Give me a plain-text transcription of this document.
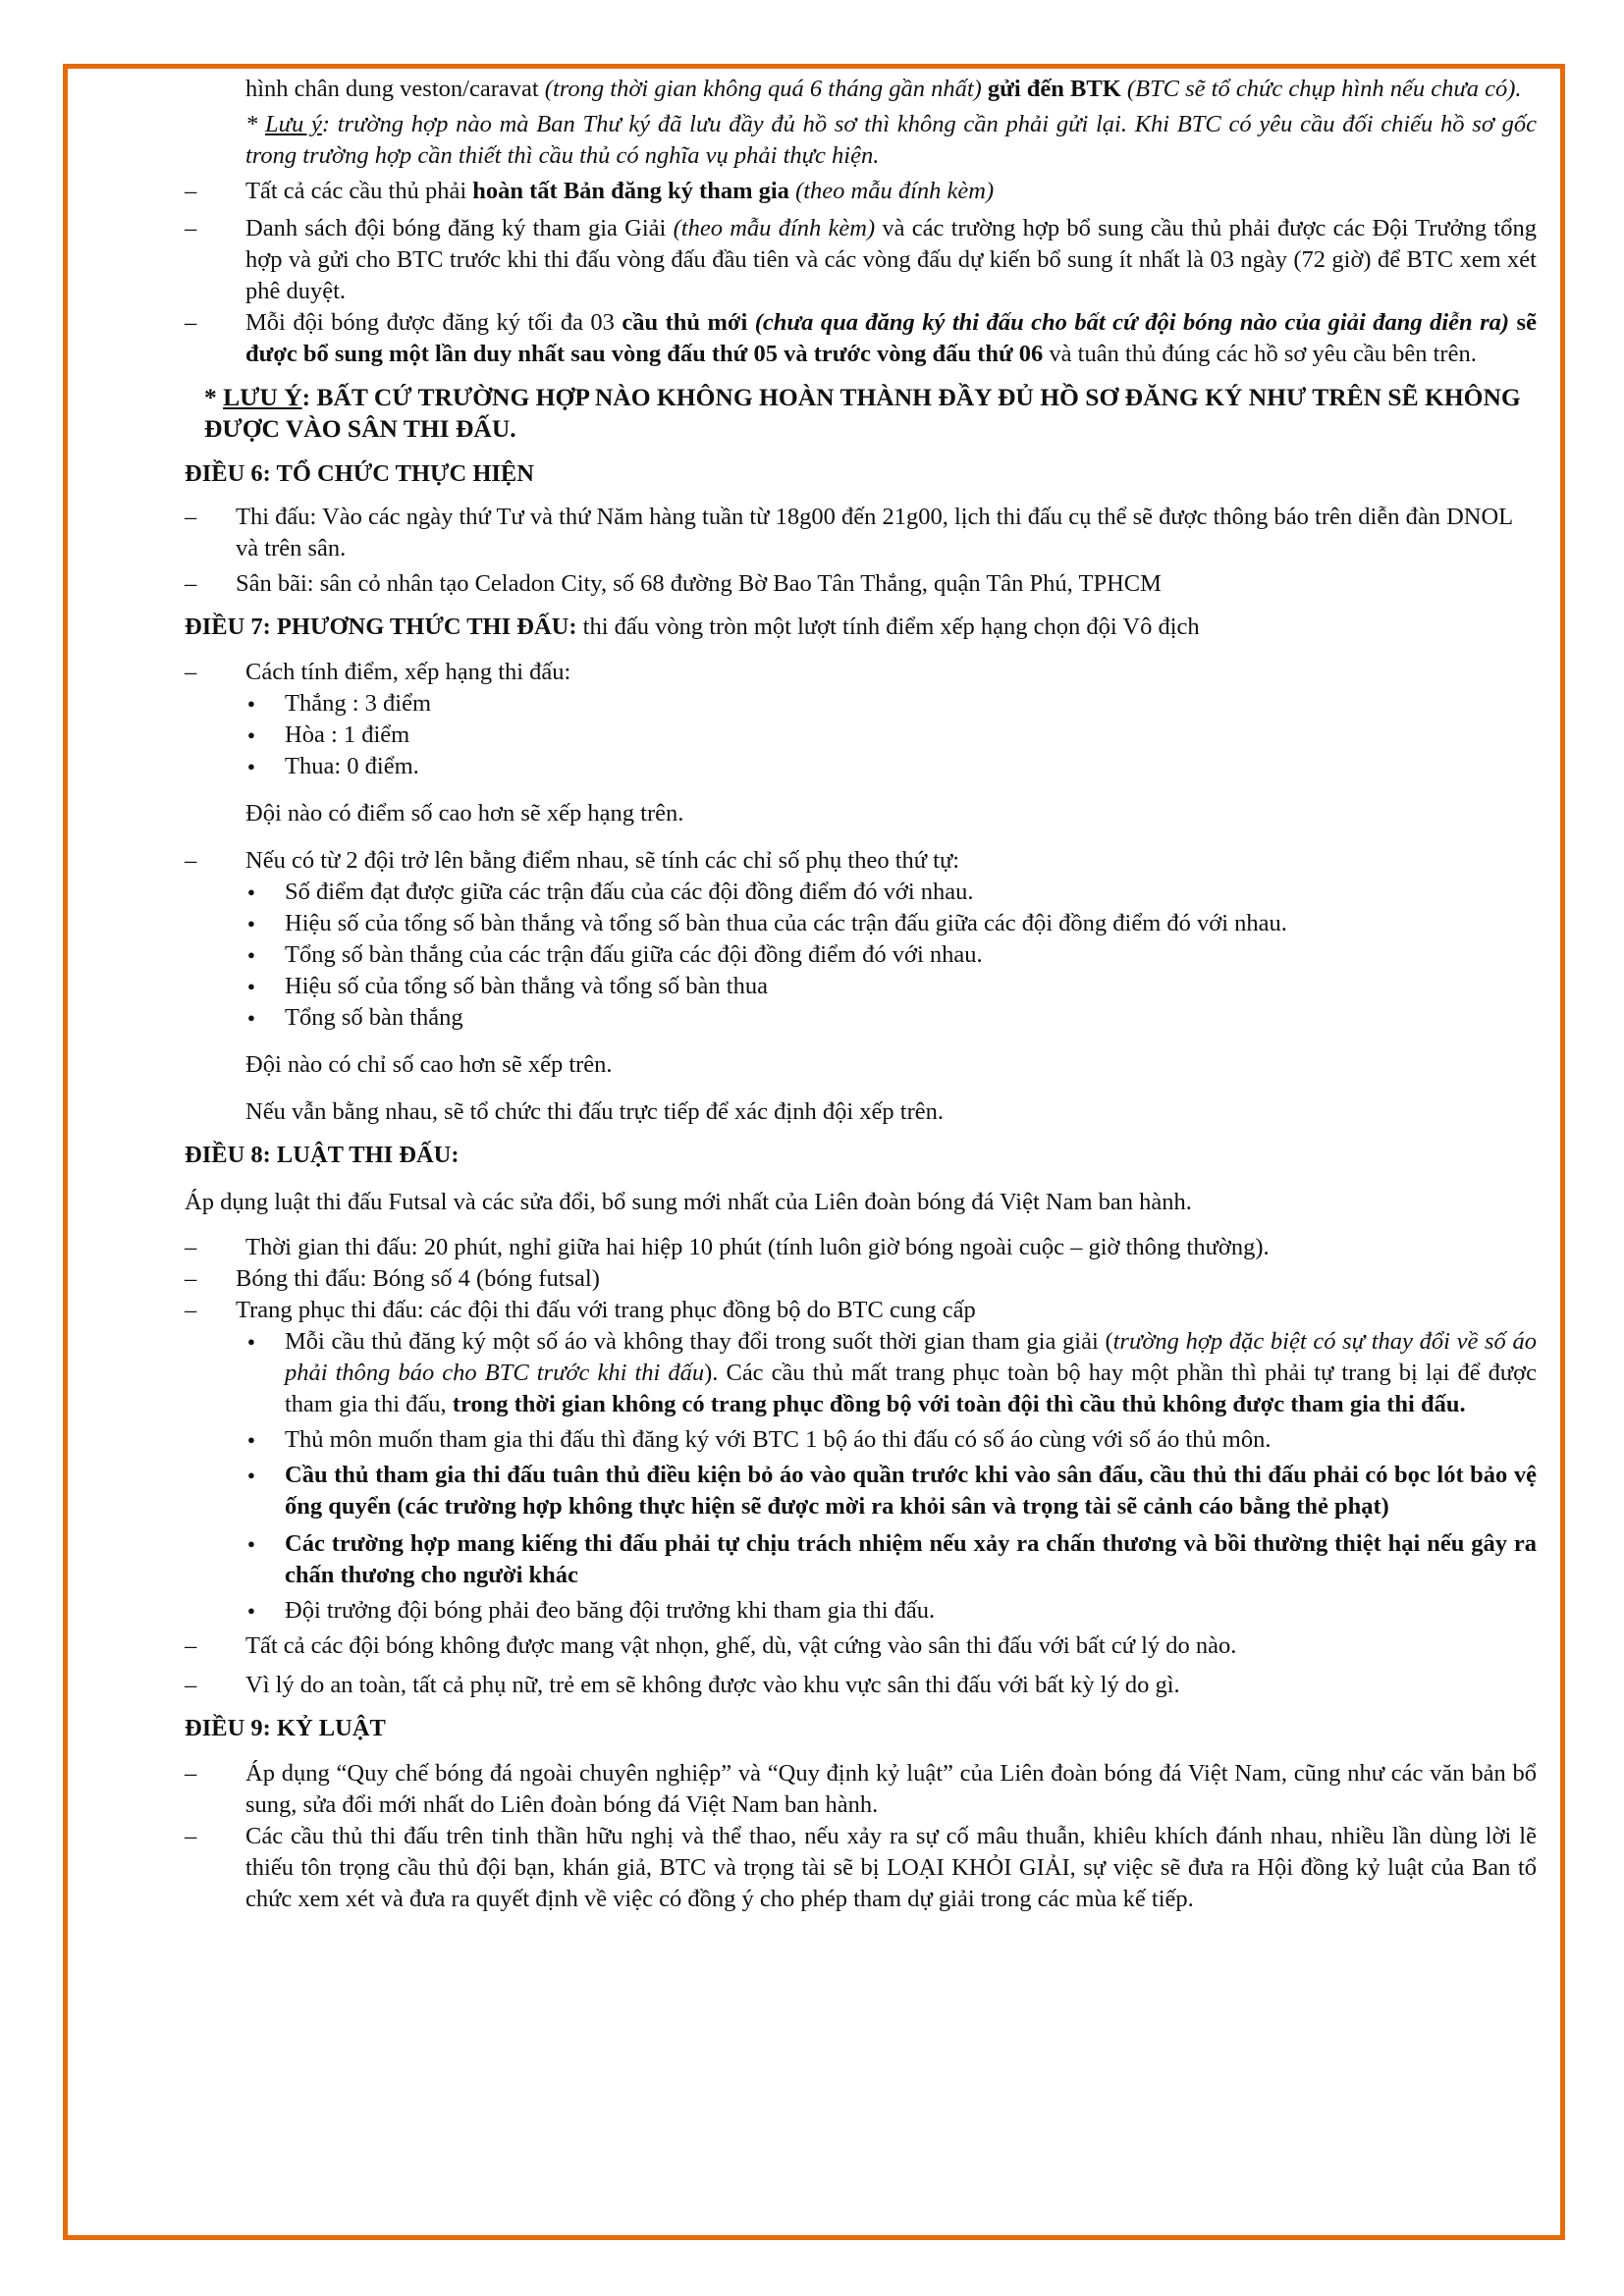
hình chân dung veston/caravat (trong thời gian không quá 6 tháng gần nhất) gửi đến BTK (BTC sẽ tổ chức chụp hình nếu chưa có).

* Lưu ý: trường hợp nào mà Ban Thư ký đã lưu đầy đủ hồ sơ thì không cần phải gửi lại. Khi BTC có yêu cầu đối chiếu hồ sơ gốc trong trường hợp cần thiết thì cầu thủ có nghĩa vụ phải thực hiện.

– Tất cả các cầu thủ phải hoàn tất Bản đăng ký tham gia (theo mẫu đính kèm)

– Danh sách đội bóng đăng ký tham gia Giải (theo mẫu đính kèm) và các trường hợp bổ sung cầu thủ phải được các Đội Trưởng tổng hợp và gửi cho BTC trước khi thi đấu vòng đấu đầu tiên và các vòng đấu dự kiến bổ sung ít nhất là 03 ngày (72 giờ) để BTC xem xét phê duyệt.

– Mỗi đội bóng được đăng ký tối đa 03 cầu thủ mới (chưa qua đăng ký thi đấu cho bất cứ đội bóng nào của giải đang diễn ra) sẽ được bổ sung một lần duy nhất sau vòng đấu thứ 05 và trước vòng đấu thứ 06 và tuân thủ đúng các hồ sơ yêu cầu bên trên.

* LƯU Ý: BẤT CỨ TRƯỜNG HỢP NÀO KHÔNG HOÀN THÀNH ĐẦY ĐỦ HỒ SƠ ĐĂNG KÝ NHƯ TRÊN SẼ KHÔNG ĐƯỢC VÀO SÂN THI ĐẤU.

ĐIỀU 6: TỔ CHỨC THỰC HIỆN

– Thi đấu: Vào các ngày thứ Tư và thứ Năm hàng tuần từ 18g00 đến 21g00, lịch thi đấu cụ thể sẽ được thông báo trên diễn đàn DNOL và trên sân.

– Sân bãi: sân cỏ nhân tạo Celadon City, số 68 đường Bờ Bao Tân Thắng, quận Tân Phú, TPHCM

ĐIỀU 7: PHƯƠNG THỨC THI ĐẤU: thi đấu vòng tròn một lượt tính điểm xếp hạng chọn đội Vô địch

– Cách tính điểm, xếp hạng thi đấu:

● Thắng : 3 điểm
● Hòa : 1 điểm
● Thua: 0 điểm.

Đội nào có điểm số cao hơn sẽ xếp hạng trên.

– Nếu có từ 2 đội trở lên bằng điểm nhau, sẽ tính các chỉ số phụ theo thứ tự:

● Số điểm đạt được giữa các trận đấu của các đội đồng điểm đó với nhau.
● Hiệu số của tổng số bàn thắng và tổng số bàn thua của các trận đấu giữa các đội đồng điểm đó với nhau.
● Tổng số bàn thắng của các trận đấu giữa các đội đồng điểm đó với nhau.
● Hiệu số của tổng số bàn thắng và tổng số bàn thua
● Tổng số bàn thắng

Đội nào có chỉ số cao hơn sẽ xếp trên.

Nếu vẫn bằng nhau, sẽ tổ chức thi đấu trực tiếp để xác định đội xếp trên.

ĐIỀU 8: LUẬT THI ĐẤU:

Áp dụng luật thi đấu Futsal và các sửa đổi, bổ sung mới nhất của Liên đoàn bóng đá Việt Nam ban hành.

– Thời gian thi đấu: 20 phút, nghỉ giữa hai hiệp 10 phút (tính luôn giờ bóng ngoài cuộc – giờ thông thường).

– Bóng thi đấu: Bóng số 4 (bóng futsal)

– Trang phục thi đấu: các đội thi đấu với trang phục đồng bộ do BTC cung cấp

● Mỗi cầu thủ đăng ký một số áo và không thay đổi trong suốt thời gian tham gia giải (trường hợp đặc biệt có sự thay đổi về số áo phải thông báo cho BTC trước khi thi đấu). Các cầu thủ mất trang phục toàn bộ hay một phần thì phải tự trang bị lại để được tham gia thi đấu, trong thời gian không có trang phục đồng bộ với toàn đội thì cầu thủ không được tham gia thi đấu.
● Thủ môn muốn tham gia thi đấu thì đăng ký với BTC 1 bộ áo thi đấu có số áo cùng với số áo thủ môn.
● Cầu thủ tham gia thi đấu tuân thủ điều kiện bỏ áo vào quần trước khi vào sân đấu, cầu thủ thi đấu phải có bọc lót bảo vệ ống quyển (các trường hợp không thực hiện sẽ được mời ra khỏi sân và trọng tài sẽ cảnh cáo bằng thẻ phạt)
● Các trường hợp mang kiếng thi đấu phải tự chịu trách nhiệm nếu xảy ra chấn thương và bồi thường thiệt hại nếu gây ra chấn thương cho người khác
● Đội trưởng đội bóng phải đeo băng đội trưởng khi tham gia thi đấu.

– Tất cả các đội bóng không được mang vật nhọn, ghế, dù, vật cứng vào sân thi đấu với bất cứ lý do nào.

– Vì lý do an toàn, tất cả phụ nữ, trẻ em sẽ không được vào khu vực sân thi đấu với bất kỳ lý do gì.

ĐIỀU 9: KỶ LUẬT

– Áp dụng “Quy chế bóng đá ngoài chuyên nghiệp” và “Quy định kỷ luật” của Liên đoàn bóng đá Việt Nam, cũng như các văn bản bổ sung, sửa đổi mới nhất do Liên đoàn bóng đá Việt Nam ban hành.

– Các cầu thủ thi đấu trên tinh thần hữu nghị và thể thao, nếu xảy ra sự cố mâu thuẫn, khiêu khích đánh nhau, nhiều lần dùng lời lẽ thiếu tôn trọng cầu thủ đội bạn, khán giả, BTC và trọng tài sẽ bị LOẠI KHỎI GIẢI, sự việc sẽ đưa ra Hội đồng kỷ luật của Ban tổ chức xem xét và đưa ra quyết định về việc có đồng ý cho phép tham dự giải trong các mùa kế tiếp.
